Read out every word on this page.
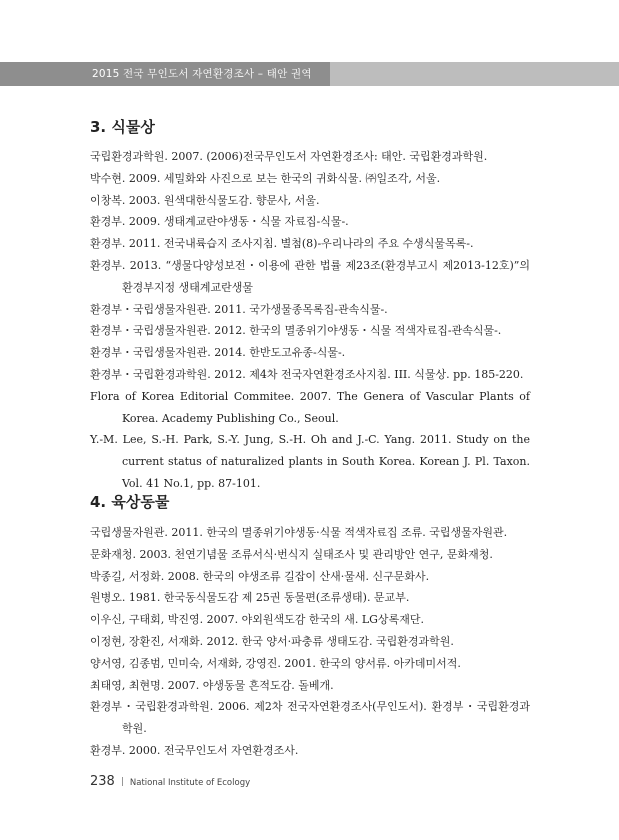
2015 전국 무인도서 자연환경조사 – 태안 권역
3. 식물상
국립환경과학원. 2007. (2006)전국무인도서 자연환경조사: 태안. 국립환경과학원.
박수현. 2009. 세밀화와 사진으로 보는 한국의 귀화식물. ㈜일조각, 서울.
이창복. 2003. 원색대한식물도감. 향문사, 서울.
환경부. 2009. 생태계교란야생동・식물 자료집-식물-.
환경부. 2011. 전국내륙습지 조사지침. 별첨(8)-우리나라의 주요 수생식물목록-.
환경부. 2013. “생물다양성보전・이용에 관한 법률 제23조(환경부고시 제2013-12호)”의 환경부지정 생태계교란생물
환경부・국립생물자원관. 2011. 국가생물종목록집-관속식물-.
환경부・국립생물자원관. 2012. 한국의 멸종위기야생동・식물 적색자료집-관속식물-.
환경부・국립생물자원관. 2014. 한반도고유종-식물-.
환경부・국립환경과학원. 2012. 제4차 전국자연환경조사지침. III. 식물상. pp. 185-220.
Flora of Korea Editorial Commitee. 2007. The Genera of Vascular Plants of Korea. Academy Publishing Co., Seoul.
Y.-M. Lee, S.-H. Park, S.-Y. Jung, S.-H. Oh and J.-C. Yang. 2011. Study on the current status of naturalized plants in South Korea. Korean J. Pl. Taxon. Vol. 41 No.1, pp. 87-101.
4. 육상동물
국립생물자원관. 2011. 한국의 멸종위기야생동·식물 적색자료집 조류. 국립생물자원관.
문화재청. 2003. 천연기념물 조류서식·번식지 실태조사 및 관리방안 연구, 문화재청.
박종길, 서정화. 2008. 한국의 야생조류 길잡이 산새·물새. 신구문화사.
원병오. 1981. 한국동식물도감 제 25권 동물편(조류생태). 문교부.
이우신, 구태회, 박진영. 2007. 야외원색도감 한국의 새. LG상록재단.
이정현, 장환진, 서재화. 2012. 한국 양서·파충류 생태도감. 국립환경과학원.
양서영, 김종범, 민미숙, 서재화, 강영진. 2001. 한국의 양서류. 아카데미서적.
최태영, 최현명. 2007. 야생동물 흔적도감. 돌베개.
환경부・국립환경과학원. 2006. 제2차 전국자연환경조사(무인도서). 환경부・국립환경과학원.
환경부. 2000. 전국무인도서 자연환경조사.
238 | National Institute of Ecology
